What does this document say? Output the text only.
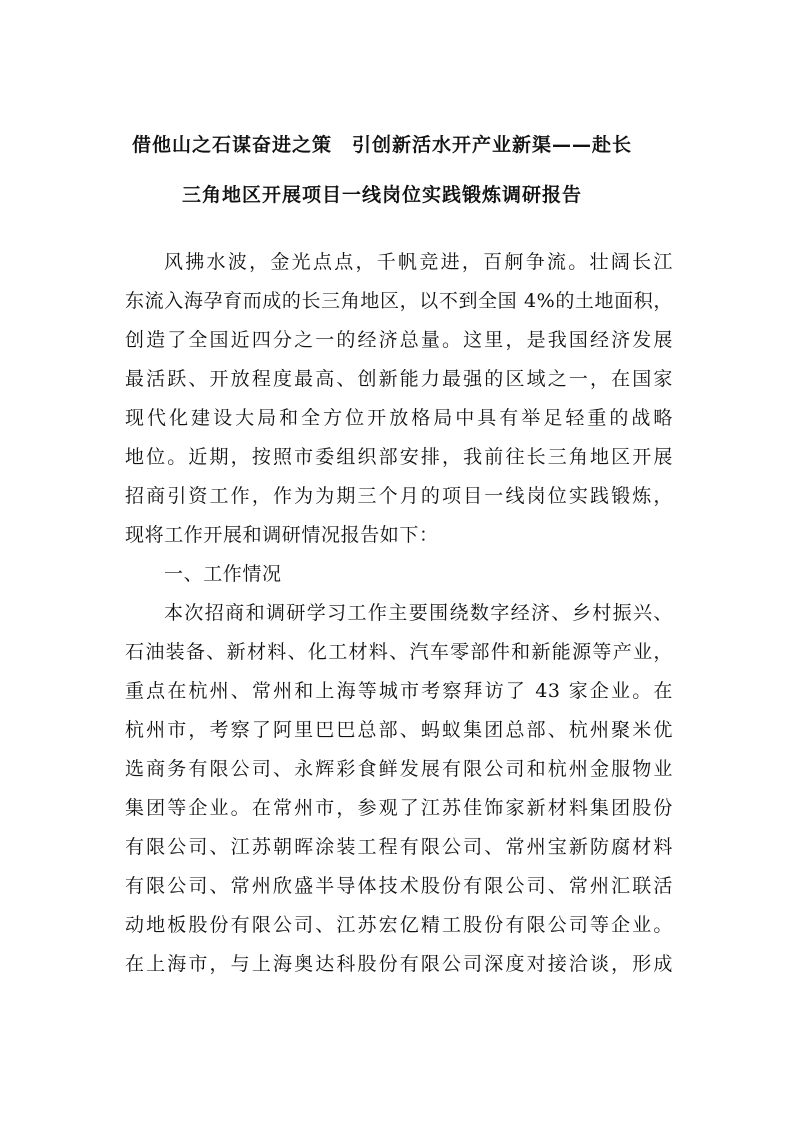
借他山之石谋奋进之策　引创新活水开产业新渠——赴长
三角地区开展项目一线岗位实践锻炼调研报告
风拂水波，金光点点，千帆竞进，百舸争流。壮阔长江
东流入海孕育而成的长三角地区，以不到全国 4%的土地面积，
创造了全国近四分之一的经济总量。这里，是我国经济发展
最活跃、开放程度最高、创新能力最强的区域之一，在国家
现代化建设大局和全方位开放格局中具有举足轻重的战略
地位。近期，按照市委组织部安排，我前往长三角地区开展
招商引资工作，作为为期三个月的项目一线岗位实践锻炼，
现将工作开展和调研情况报告如下：
一、工作情况
本次招商和调研学习工作主要围绕数字经济、乡村振兴、
石油装备、新材料、化工材料、汽车零部件和新能源等产业，
重点在杭州、常州和上海等城市考察拜访了 43 家企业。在
杭州市，考察了阿里巴巴总部、蚂蚁集团总部、杭州聚米优
选商务有限公司、永辉彩食鲜发展有限公司和杭州金服物业
集团等企业。在常州市，参观了江苏佳饰家新材料集团股份
有限公司、江苏朝晖涂装工程有限公司、常州宝新防腐材料
有限公司、常州欣盛半导体技术股份有限公司、常州汇联活
动地板股份有限公司、江苏宏亿精工股份有限公司等企业。
在上海市，与上海奥达科股份有限公司深度对接洽谈，形成
